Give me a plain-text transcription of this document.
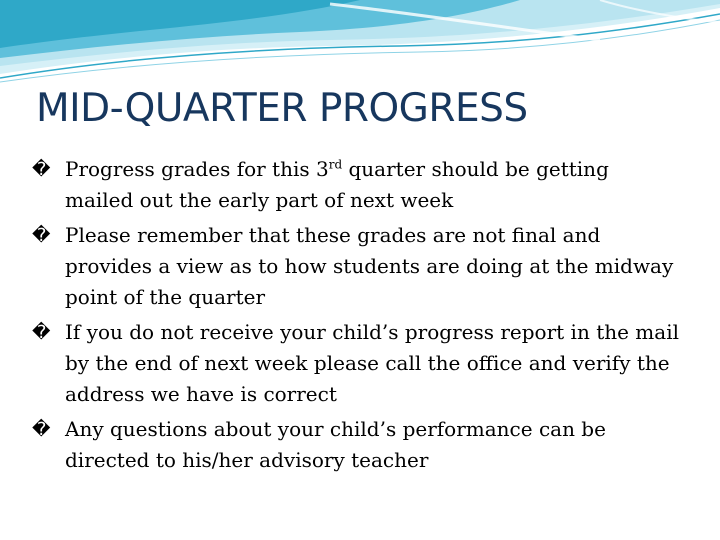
MID-QUARTER PROGRESS
� Progress grades for this 3rd quarter should be getting mailed out the early part of next week
� Please remember that these grades are not final and provides a view as to how students are doing at the midway point of the quarter
� If you do not receive your child’s progress report in the mail by the end of next week please call the office and verify the address we have is correct
� Any questions about your child’s performance can be directed to his/her advisory teacher
